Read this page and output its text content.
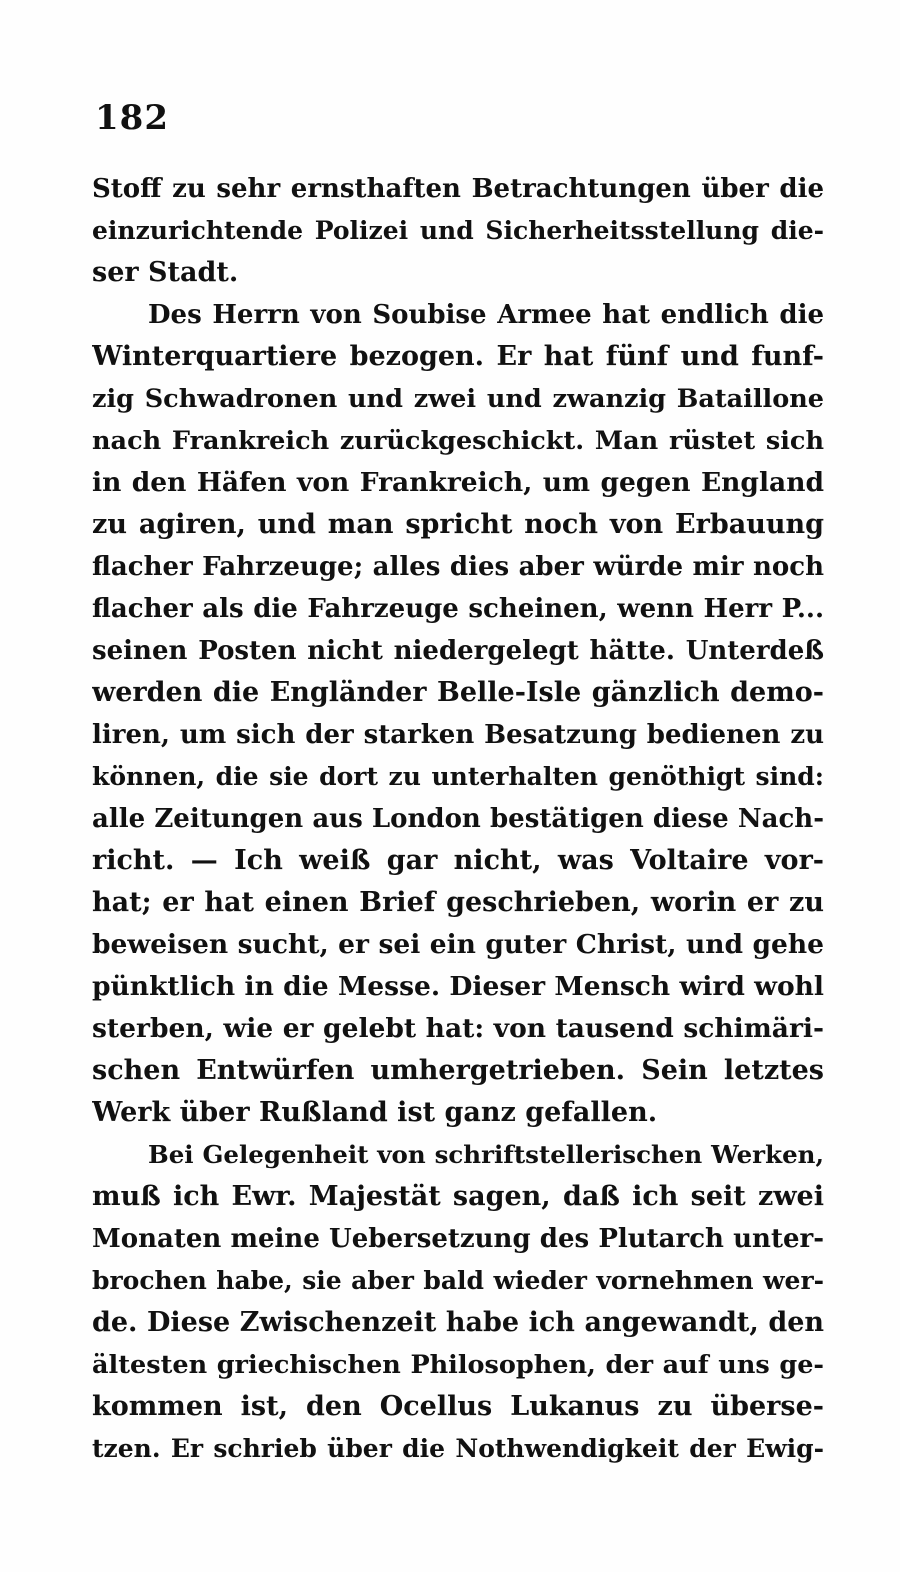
182
Stoff zu sehr ernsthaften Betrachtungen über die
einzurichtende Polizei und Sicherheitsstellung die-
ser Stadt.
Des Herrn von Soubise Armee hat endlich die
Winterquartiere bezogen. Er hat fünf und funf-
zig Schwadronen und zwei und zwanzig Bataillone
nach Frankreich zurückgeschickt. Man rüstet sich
in den Häfen von Frankreich, um gegen England
zu agiren, und man spricht noch von Erbauung
flacher Fahrzeuge; alles dies aber würde mir noch
flacher als die Fahrzeuge scheinen, wenn Herr P...
seinen Posten nicht niedergelegt hätte. Unterdeß
werden die Engländer Belle-Isle gänzlich demo-
liren, um sich der starken Besatzung bedienen zu
können, die sie dort zu unterhalten genöthigt sind:
alle Zeitungen aus London bestätigen diese Nach-
richt. — Ich weiß gar nicht, was Voltaire vor-
hat; er hat einen Brief geschrieben, worin er zu
beweisen sucht, er sei ein guter Christ, und gehe
pünktlich in die Messe. Dieser Mensch wird wohl
sterben, wie er gelebt hat: von tausend schimäri-
schen Entwürfen umhergetrieben. Sein letztes
Werk über Rußland ist ganz gefallen.
Bei Gelegenheit von schriftstellerischen Werken,
muß ich Ewr. Majestät sagen, daß ich seit zwei
Monaten meine Uebersetzung des Plutarch unter-
brochen habe, sie aber bald wieder vornehmen wer-
de. Diese Zwischenzeit habe ich angewandt, den
ältesten griechischen Philosophen, der auf uns ge-
kommen ist, den Ocellus Lukanus zu überse-
tzen. Er schrieb über die Nothwendigkeit der Ewig-
